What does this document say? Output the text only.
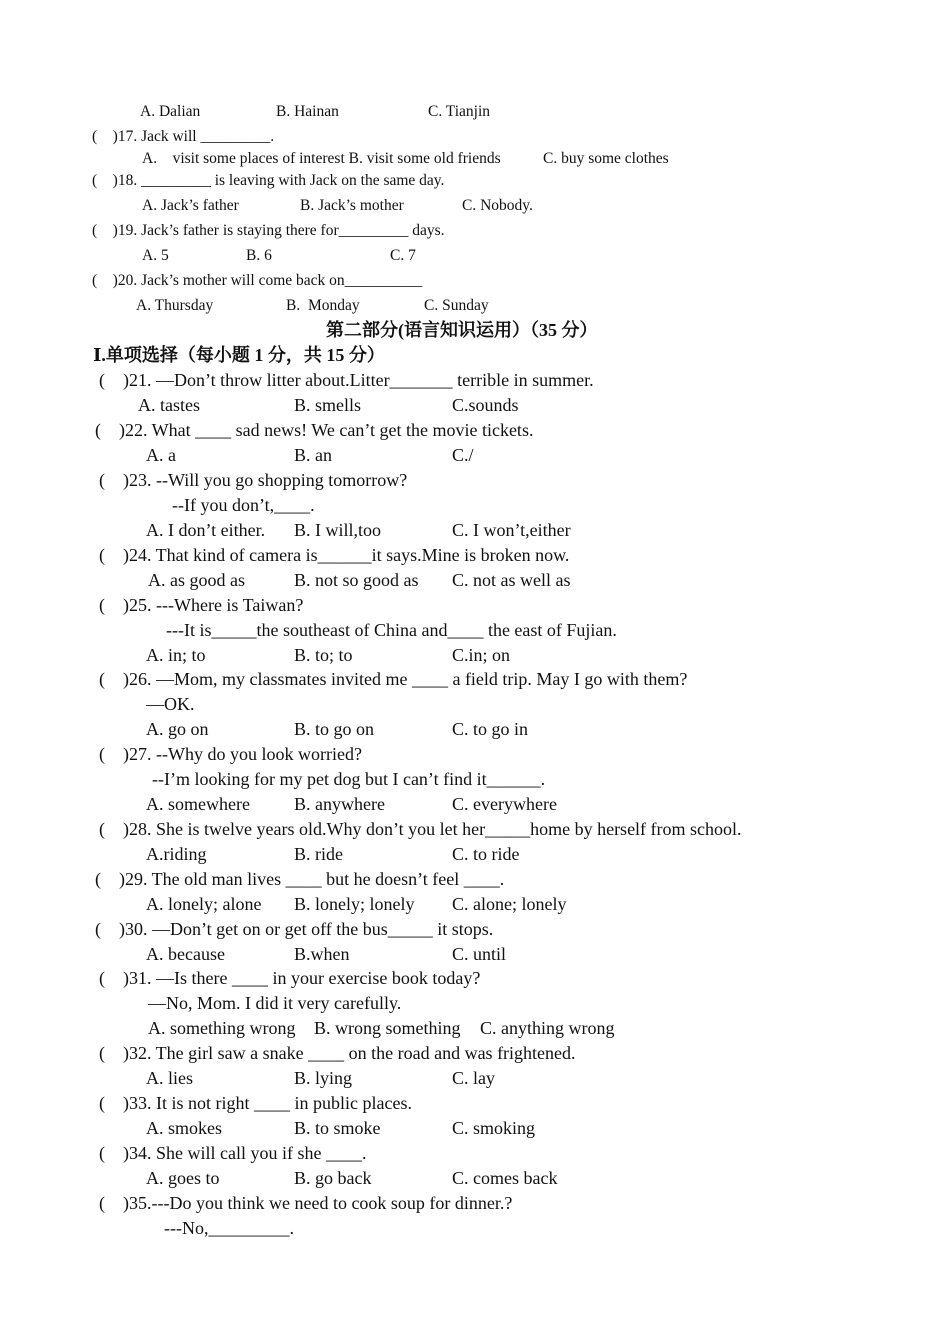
A. Dalian	B. Hainan	C. Tianjin
(    )17. Jack will _________.
A.    visit some places of interest B. visit some old friends	C. buy some clothes
(    )18. _________ is leaving with Jack on the same day.
A. Jack’s father	B. Jack’s mother	C. Nobody.
(    )19. Jack’s father is staying there for_________ days.
A. 5	B. 6	C. 7
(    )20. Jack’s mother will come back on__________
A. Thursday	B.  Monday	C. Sunday
第二部分(语言知识运用）（35 分）
Ⅰ.单项选择（每小题 1 分，共 15 分）
(    )21. —Don’t throw litter about.Litter_______ terrible in summer.
A. tastes	B. smells	C.sounds
(    )22. What ____ sad news! We can’t get the movie tickets.
A. a	B. an	C./
(    )23. --Will you go shopping tomorrow?
--If you don’t,____.
A. I don’t either. B. I will,too	C. I won’t,either
(    )24. That kind of camera is______it says.Mine is broken now.
A. as good as	B. not so good as C. not as well as
(    )25. ---Where is Taiwan?
---It is_____the southeast of China and____ the east of Fujian.
A. in; to	B. to; to	C.in; on
(    )26. —Mom, my classmates invited me ____ a field trip. May I go with them?
—OK.
A. go on	B. to go on	C. to go in
(    )27. --Why do you look worried?
--I’m looking for my pet dog but I can’t find it______.
A. somewhere B. anywhere	C. everywhere
(    )28. She is twelve years old.Why don’t you let her_____home by herself from school.
A.riding	B. ride	C. to ride
(    )29. The old man lives ____ but he doesn’t feel ____.
A. lonely; alone B. lonely; lonely C. alone; lonely
(    )30. —Don’t get on or get off the bus_____ it stops.
A. because	B.when	C. until
(    )31. —Is there ____ in your exercise book today?
—No, Mom. I did it very carefully.
A. something wrong B. wrong something C. anything wrong
(    )32. The girl saw a snake ____ on the road and was frightened.
A. lies	B. lying	C. lay
(    )33. It is not right ____ in public places.
A. smokes	B. to smoke	C. smoking
(    )34. She will call you if she ____.
A. goes to	B. go back	C. comes back
(    )35.---Do you think we need to cook soup for dinner.?
---No,_________.
